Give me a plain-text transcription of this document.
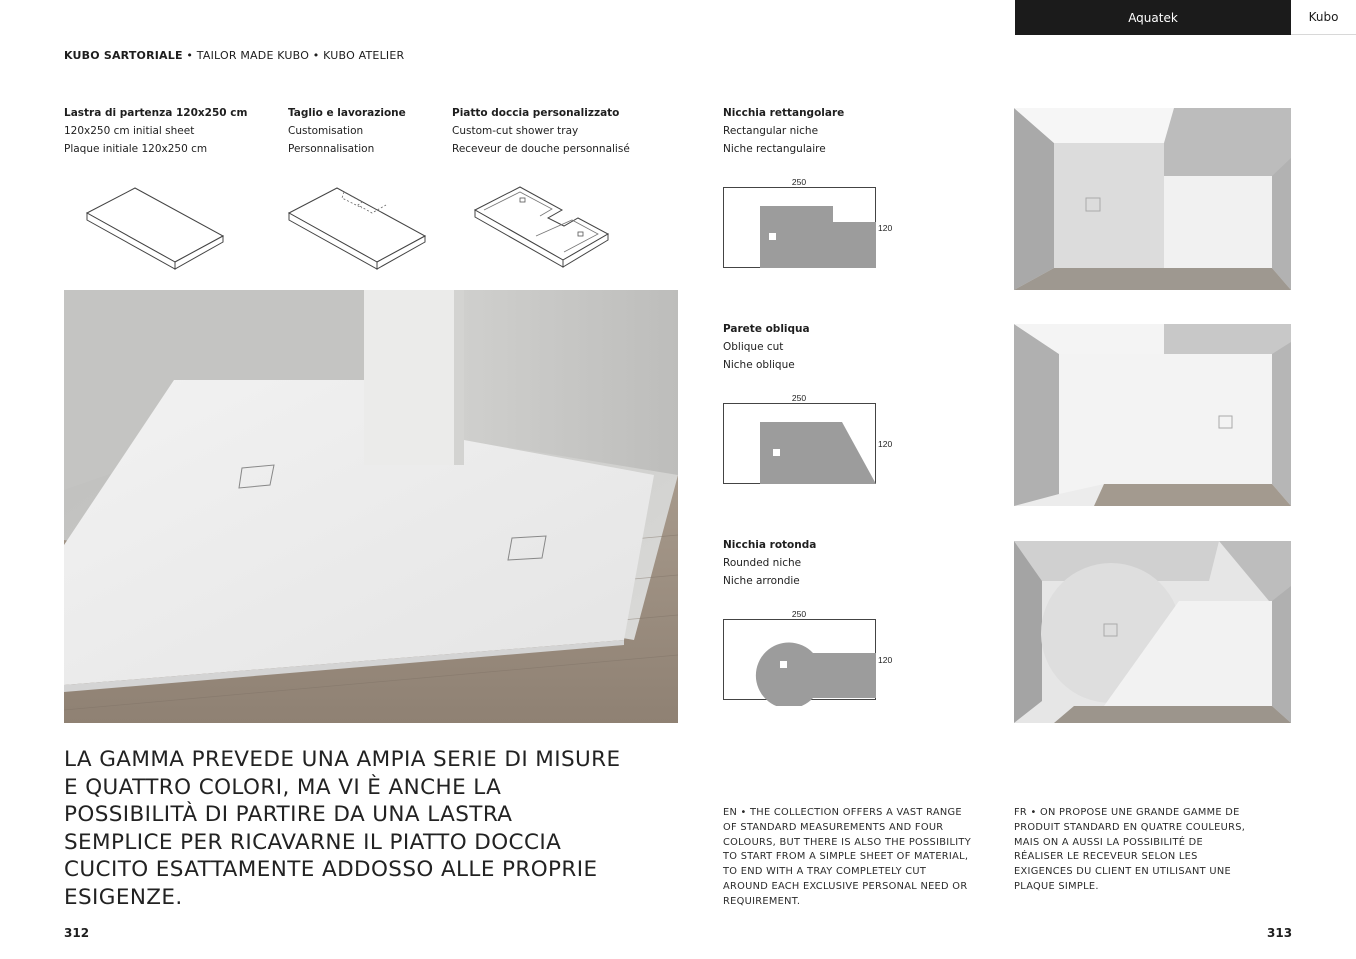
Aquatek	Kubo
KUBO SARTORIALE • TAILOR MADE KUBO • KUBO ATELIER
Lastra di partenza 120x250 cm
120x250 cm initial sheet
Plaque initiale 120x250 cm
Taglio e lavorazione
Customisation
Personnalisation
Piatto doccia personalizzato
Custom-cut shower tray
Receveur de douche personnalisé
Nicchia rettangolare
Rectangular niche
Niche rectangulaire
Parete obliqua
Oblique cut
Niche oblique
Nicchia rotonda
Rounded niche
Niche arrondie
250
120
250
120
250
120
LA GAMMA PREVEDE UNA AMPIA SERIE DI MISURE E QUATTRO COLORI, MA VI È ANCHE LA POSSIBILITÀ DI PARTIRE DA UNA LASTRA SEMPLICE PER RICAVARNE IL PIATTO DOCCIA CUCITO ESATTAMENTE ADDOSSO ALLE PROPRIE ESIGENZE.
EN • THE COLLECTION OFFERS A VAST RANGE OF STANDARD MEASUREMENTS AND FOUR COLOURS, BUT THERE IS ALSO THE POSSIBILITY TO START FROM A SIMPLE SHEET OF MATERIAL, TO END WITH A TRAY COMPLETELY CUT AROUND EACH EXCLUSIVE PERSONAL NEED OR REQUIREMENT.
FR • ON PROPOSE UNE GRANDE GAMME DE PRODUIT STANDARD EN QUATRE COULEURS, MAIS ON A AUSSI LA POSSIBILITÉ DE RÉALISER LE RECEVEUR SELON LES EXIGENCES DU CLIENT EN UTILISANT UNE PLAQUE SIMPLE.
312	313
